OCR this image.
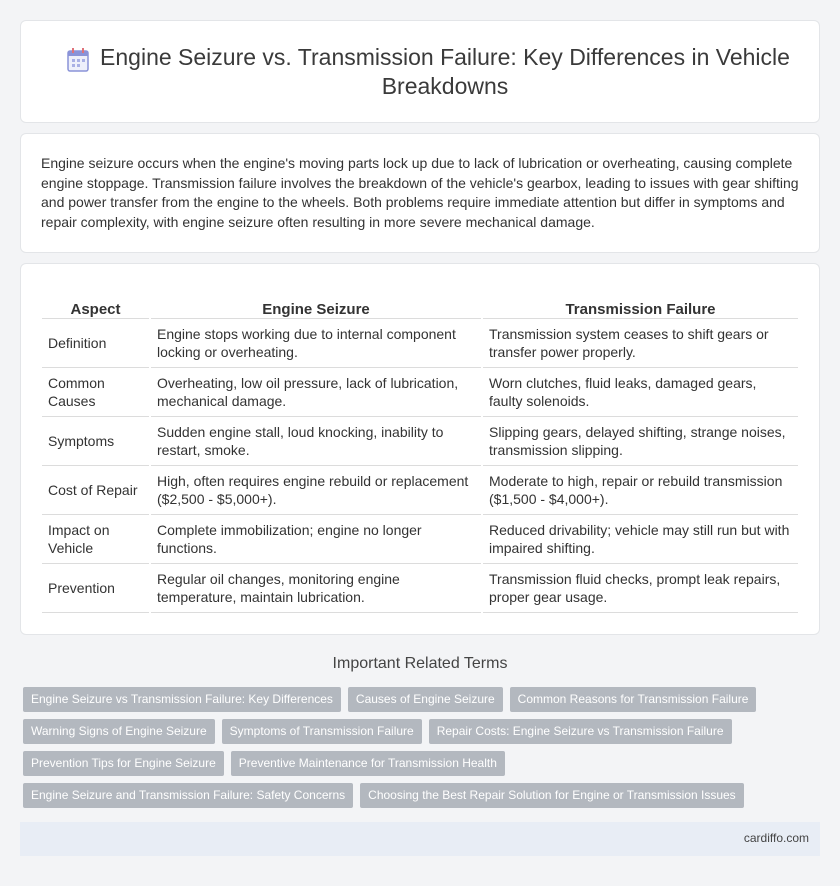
Engine Seizure vs. Transmission Failure: Key Differences in Vehicle Breakdowns

Engine seizure occurs when the engine's moving parts lock up due to lack of lubrication or overheating, causing complete engine stoppage. Transmission failure involves the breakdown of the vehicle's gearbox, leading to issues with gear shifting and power transfer from the engine to the wheels. Both problems require immediate attention but differ in symptoms and repair complexity, with engine seizure often resulting in more severe mechanical damage.

Aspect	Engine Seizure	Transmission Failure
Definition	Engine stops working due to internal component locking or overheating.	Transmission system ceases to shift gears or transfer power properly.
Common Causes	Overheating, low oil pressure, lack of lubrication, mechanical damage.	Worn clutches, fluid leaks, damaged gears, faulty solenoids.
Symptoms	Sudden engine stall, loud knocking, inability to restart, smoke.	Slipping gears, delayed shifting, strange noises, transmission slipping.
Cost of Repair	High, often requires engine rebuild or replacement ($2,500 - $5,000+).	Moderate to high, repair or rebuild transmission ($1,500 - $4,000+).
Impact on Vehicle	Complete immobilization; engine no longer functions.	Reduced drivability; vehicle may still run but with impaired shifting.
Prevention	Regular oil changes, monitoring engine temperature, maintain lubrication.	Transmission fluid checks, prompt leak repairs, proper gear usage.
Important Related Terms
Engine Seizure vs Transmission Failure: Key Differences	Causes of Engine Seizure	Common Reasons for Transmission Failure
Warning Signs of Engine Seizure	Symptoms of Transmission Failure	Repair Costs: Engine Seizure vs Transmission Failure
Prevention Tips for Engine Seizure	Preventive Maintenance for Transmission Health
Engine Seizure and Transmission Failure: Safety Concerns	Choosing the Best Repair Solution for Engine or Transmission Issues
cardiffo.com
